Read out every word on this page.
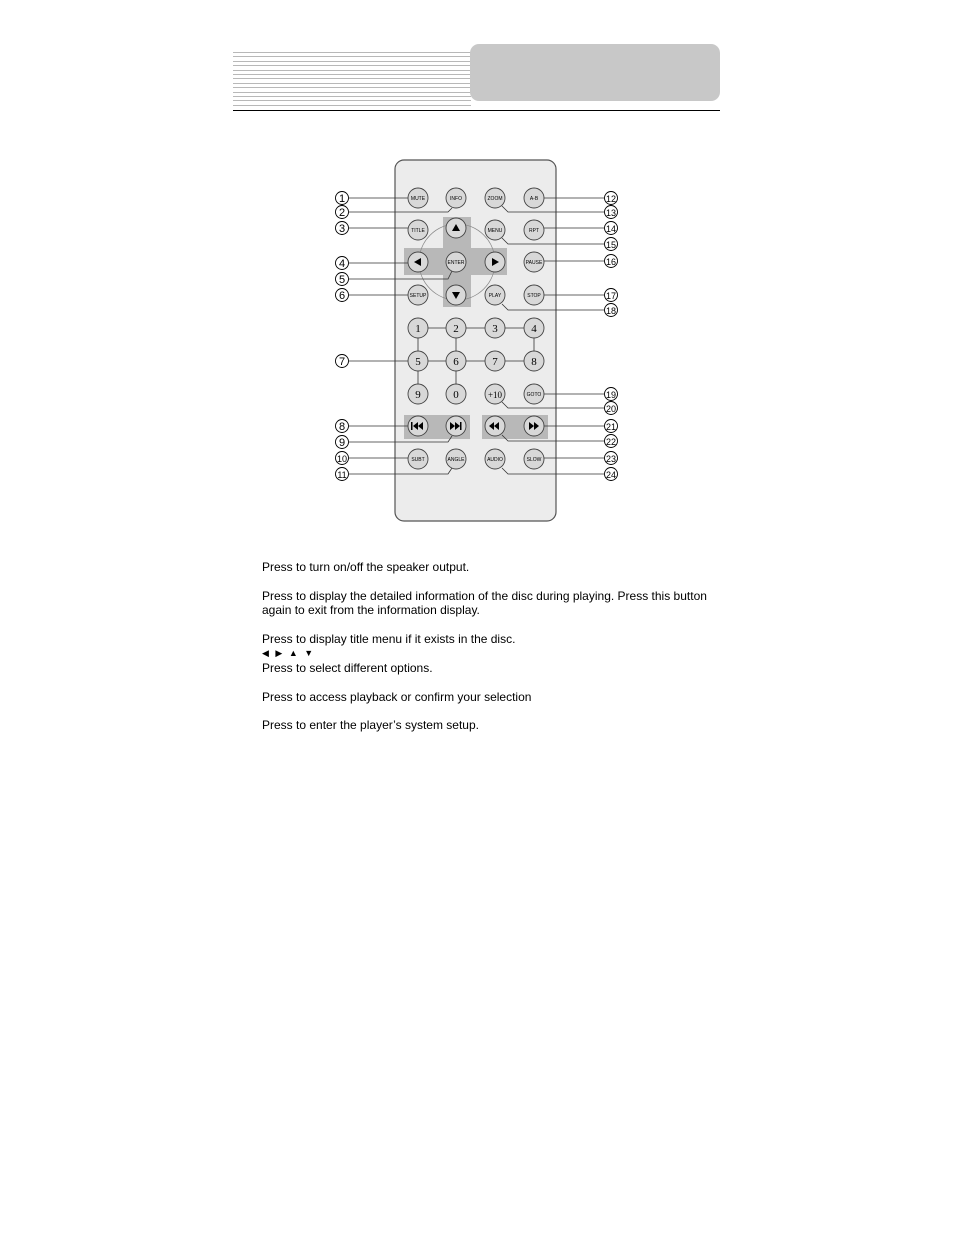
MUTE	INFO	ZOOM	A-B
TITLE	MENU	RPT
ENTER	PAUSE
SETUP	PLAY	STOP
1	2	3	4
5	6	7	8
9	0	+10	GOTO
SUBT	ANGLE	AUDIO	SLOW
1
2
3
4
5
6
7
8
9
10
11
12
13
14
15
16
17
18
19
20
21
22
23
24
Press to turn on/off the speaker output.
Press to display the detailed information of the disc during playing. Press this button
again to exit from the information display.
Press to display title menu if it exists in the disc.
◀ ▶ ▲ ▼
Press to select different options.
Press to access playback or confirm your selection
Press to enter the player’s system setup.
